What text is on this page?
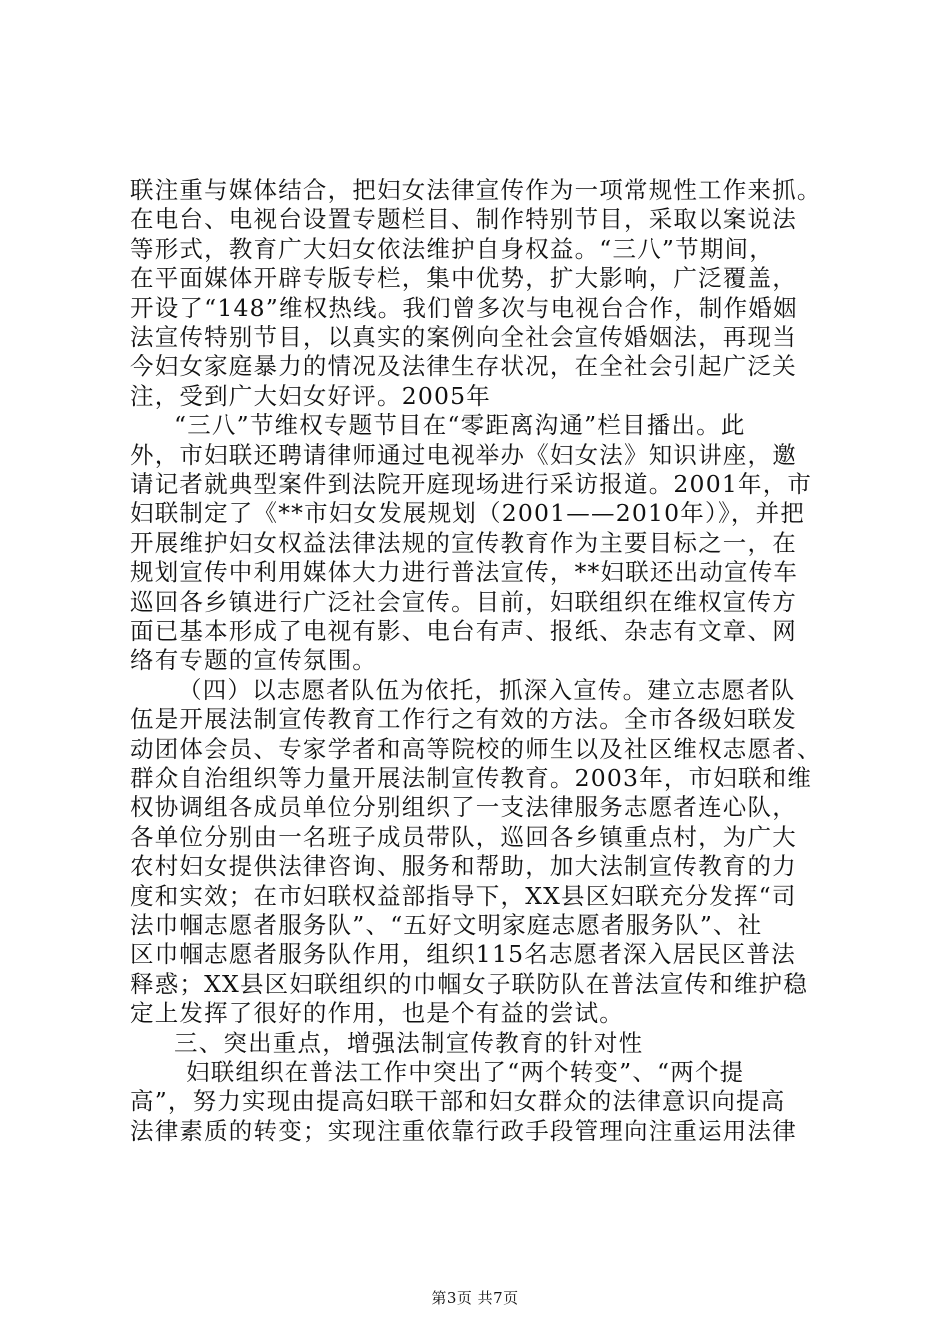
联注重与媒体结合，把妇女法律宣传作为一项常规性工作来抓。
在电台、电视台设置专题栏目、制作特别节目，采取以案说法
等形式，教育广大妇女依法维护自身权益。“三八”节期间，
在平面媒体开辟专版专栏，集中优势，扩大影响，广泛覆盖，
开设了“148”维权热线。我们曾多次与电视台合作，制作婚姻
法宣传特别节目，以真实的案例向全社会宣传婚姻法，再现当
今妇女家庭暴力的情况及法律生存状况，在全社会引起广泛关
注，受到广大妇女好评。2005年
“三八”节维权专题节目在“零距离沟通”栏目播出。此
外，市妇联还聘请律师通过电视举办《妇女法》知识讲座，邀
请记者就典型案件到法院开庭现场进行采访报道。2001年，市
妇联制定了《**市妇女发展规划（2001——2010年）》，并把
开展维护妇女权益法律法规的宣传教育作为主要目标之一，在
规划宣传中利用媒体大力进行普法宣传，**妇联还出动宣传车
巡回各乡镇进行广泛社会宣传。目前，妇联组织在维权宣传方
面已基本形成了电视有影、电台有声、报纸、杂志有文章、网
络有专题的宣传氛围。
（四）以志愿者队伍为依托，抓深入宣传。建立志愿者队
伍是开展法制宣传教育工作行之有效的方法。全市各级妇联发
动团体会员、专家学者和高等院校的师生以及社区维权志愿者、
群众自治组织等力量开展法制宣传教育。2003年，市妇联和维
权协调组各成员单位分别组织了一支法律服务志愿者连心队，
各单位分别由一名班子成员带队，巡回各乡镇重点村，为广大
农村妇女提供法律咨询、服务和帮助，加大法制宣传教育的力
度和实效；在市妇联权益部指导下，XX县区妇联充分发挥“司
法巾帼志愿者服务队”、“五好文明家庭志愿者服务队”、社
区巾帼志愿者服务队作用，组织115名志愿者深入居民区普法
释惑；XX县区妇联组织的巾帼女子联防队在普法宣传和维护稳
定上发挥了很好的作用，也是个有益的尝试。
三、突出重点，增强法制宣传教育的针对性
妇联组织在普法工作中突出了“两个转变”、“两个提
高”，努力实现由提高妇联干部和妇女群众的法律意识向提高
法律素质的转变；实现注重依靠行政手段管理向注重运用法律
第3页 共7页
